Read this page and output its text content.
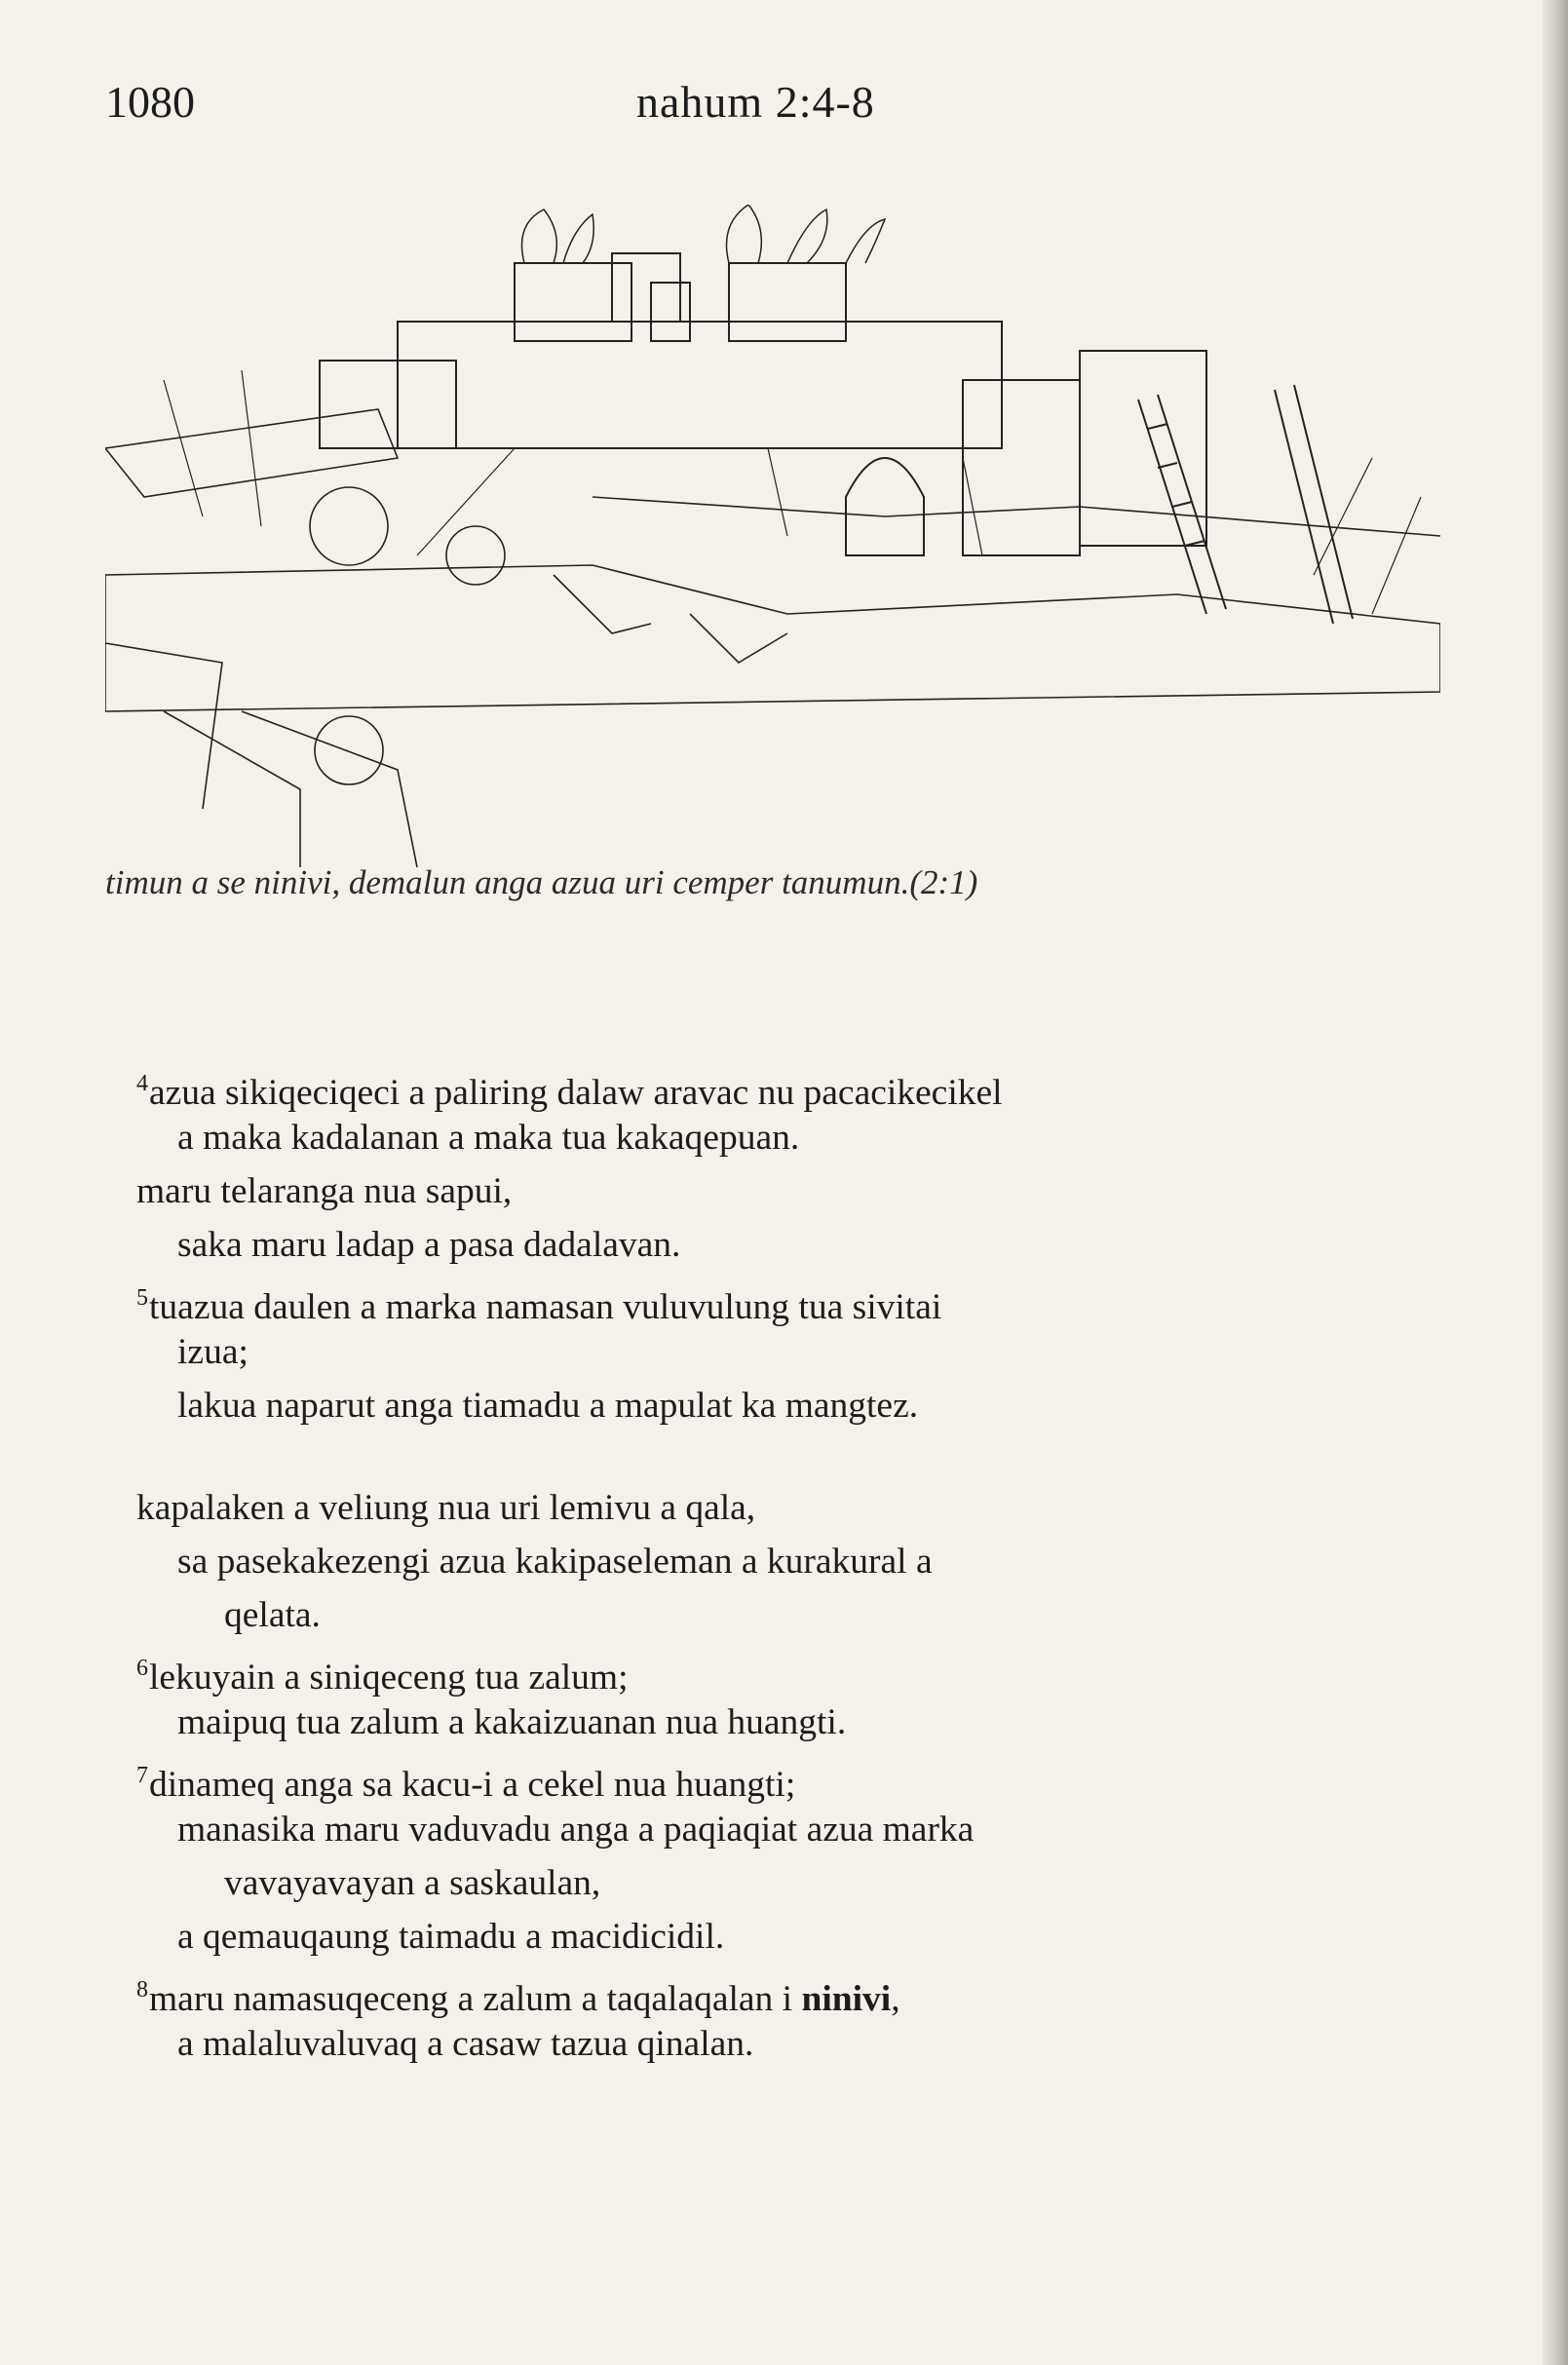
1080	nahum 2:4-8
timun a se ninivi, demalun anga azua uri cemper tanumun.(2:1)
$^4$azua sikiqeciqeci a paliring dalaw aravac nu pacacikecikel
a maka kadalanan a maka tua kakaqepuan.
maru telaranga nua sapui,
saka maru ladap a pasa dadalavan.
$^5$tuazua daulen a marka namasan vuluvulung tua sivitai
izua;
lakua naparut anga tiamadu a mapulat ka mangtez.
kapalaken a veliung nua uri lemivu a qala,
sa pasekakezengi azua kakipaseleman a kurakural a
qelata.
$^6$lekuyain a siniqeceng tua zalum;
maipuq tua zalum a kakaizuanan nua huangti.
$^7$dinameq anga sa kacu-i a cekel nua huangti;
manasika maru vaduvadu anga a paqiaqiat azua marka
vavayavayan a saskaulan,
a qemauqaung taimadu a macidicidil.
$^8$maru namasuqeceng a zalum a taqalaqalan i ninivi,
a malaluvaluvaq a casaw tazua qinalan.
